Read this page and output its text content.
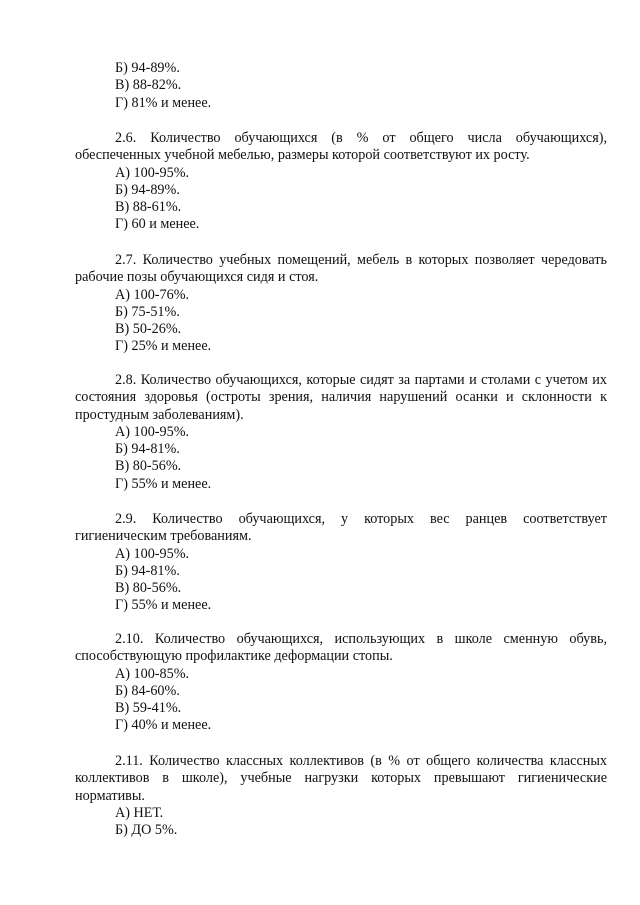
Б) 94-89%.

В) 88-82%.

Г) 81% и менее.

2.6. Количество обучающихся (в % от общего числа обучающихся), обеспеченных учебной мебелью, размеры которой соответствуют их росту.

А) 100-95%.

Б) 94-89%.

В) 88-61%.

Г) 60 и менее.

2.7. Количество учебных помещений, мебель в которых позволяет чередовать рабочие позы обучающихся сидя и стоя.

А) 100-76%.

Б) 75-51%.

В) 50-26%.

Г) 25% и менее.

2.8. Количество обучающихся, которые сидят за партами и столами с учетом их состояния здоровья (остроты зрения, наличия нарушений осанки и склонности к простудным заболеваниям).

А) 100-95%.

Б) 94-81%.

В) 80-56%.

Г) 55% и менее.

2.9. Количество обучающихся, у которых вес ранцев соответствует гигиеническим требованиям.

А) 100-95%.

Б) 94-81%.

В) 80-56%.

Г) 55% и менее.

2.10. Количество обучающихся, использующих в школе сменную обувь, способствующую профилактике деформации стопы.

А) 100-85%.

Б) 84-60%.

В) 59-41%.

Г) 40% и менее.

2.11. Количество классных коллективов (в % от общего количества классных коллективов в школе), учебные нагрузки которых превышают гигиенические нормативы.

А) НЕТ.

Б) ДО 5%.
